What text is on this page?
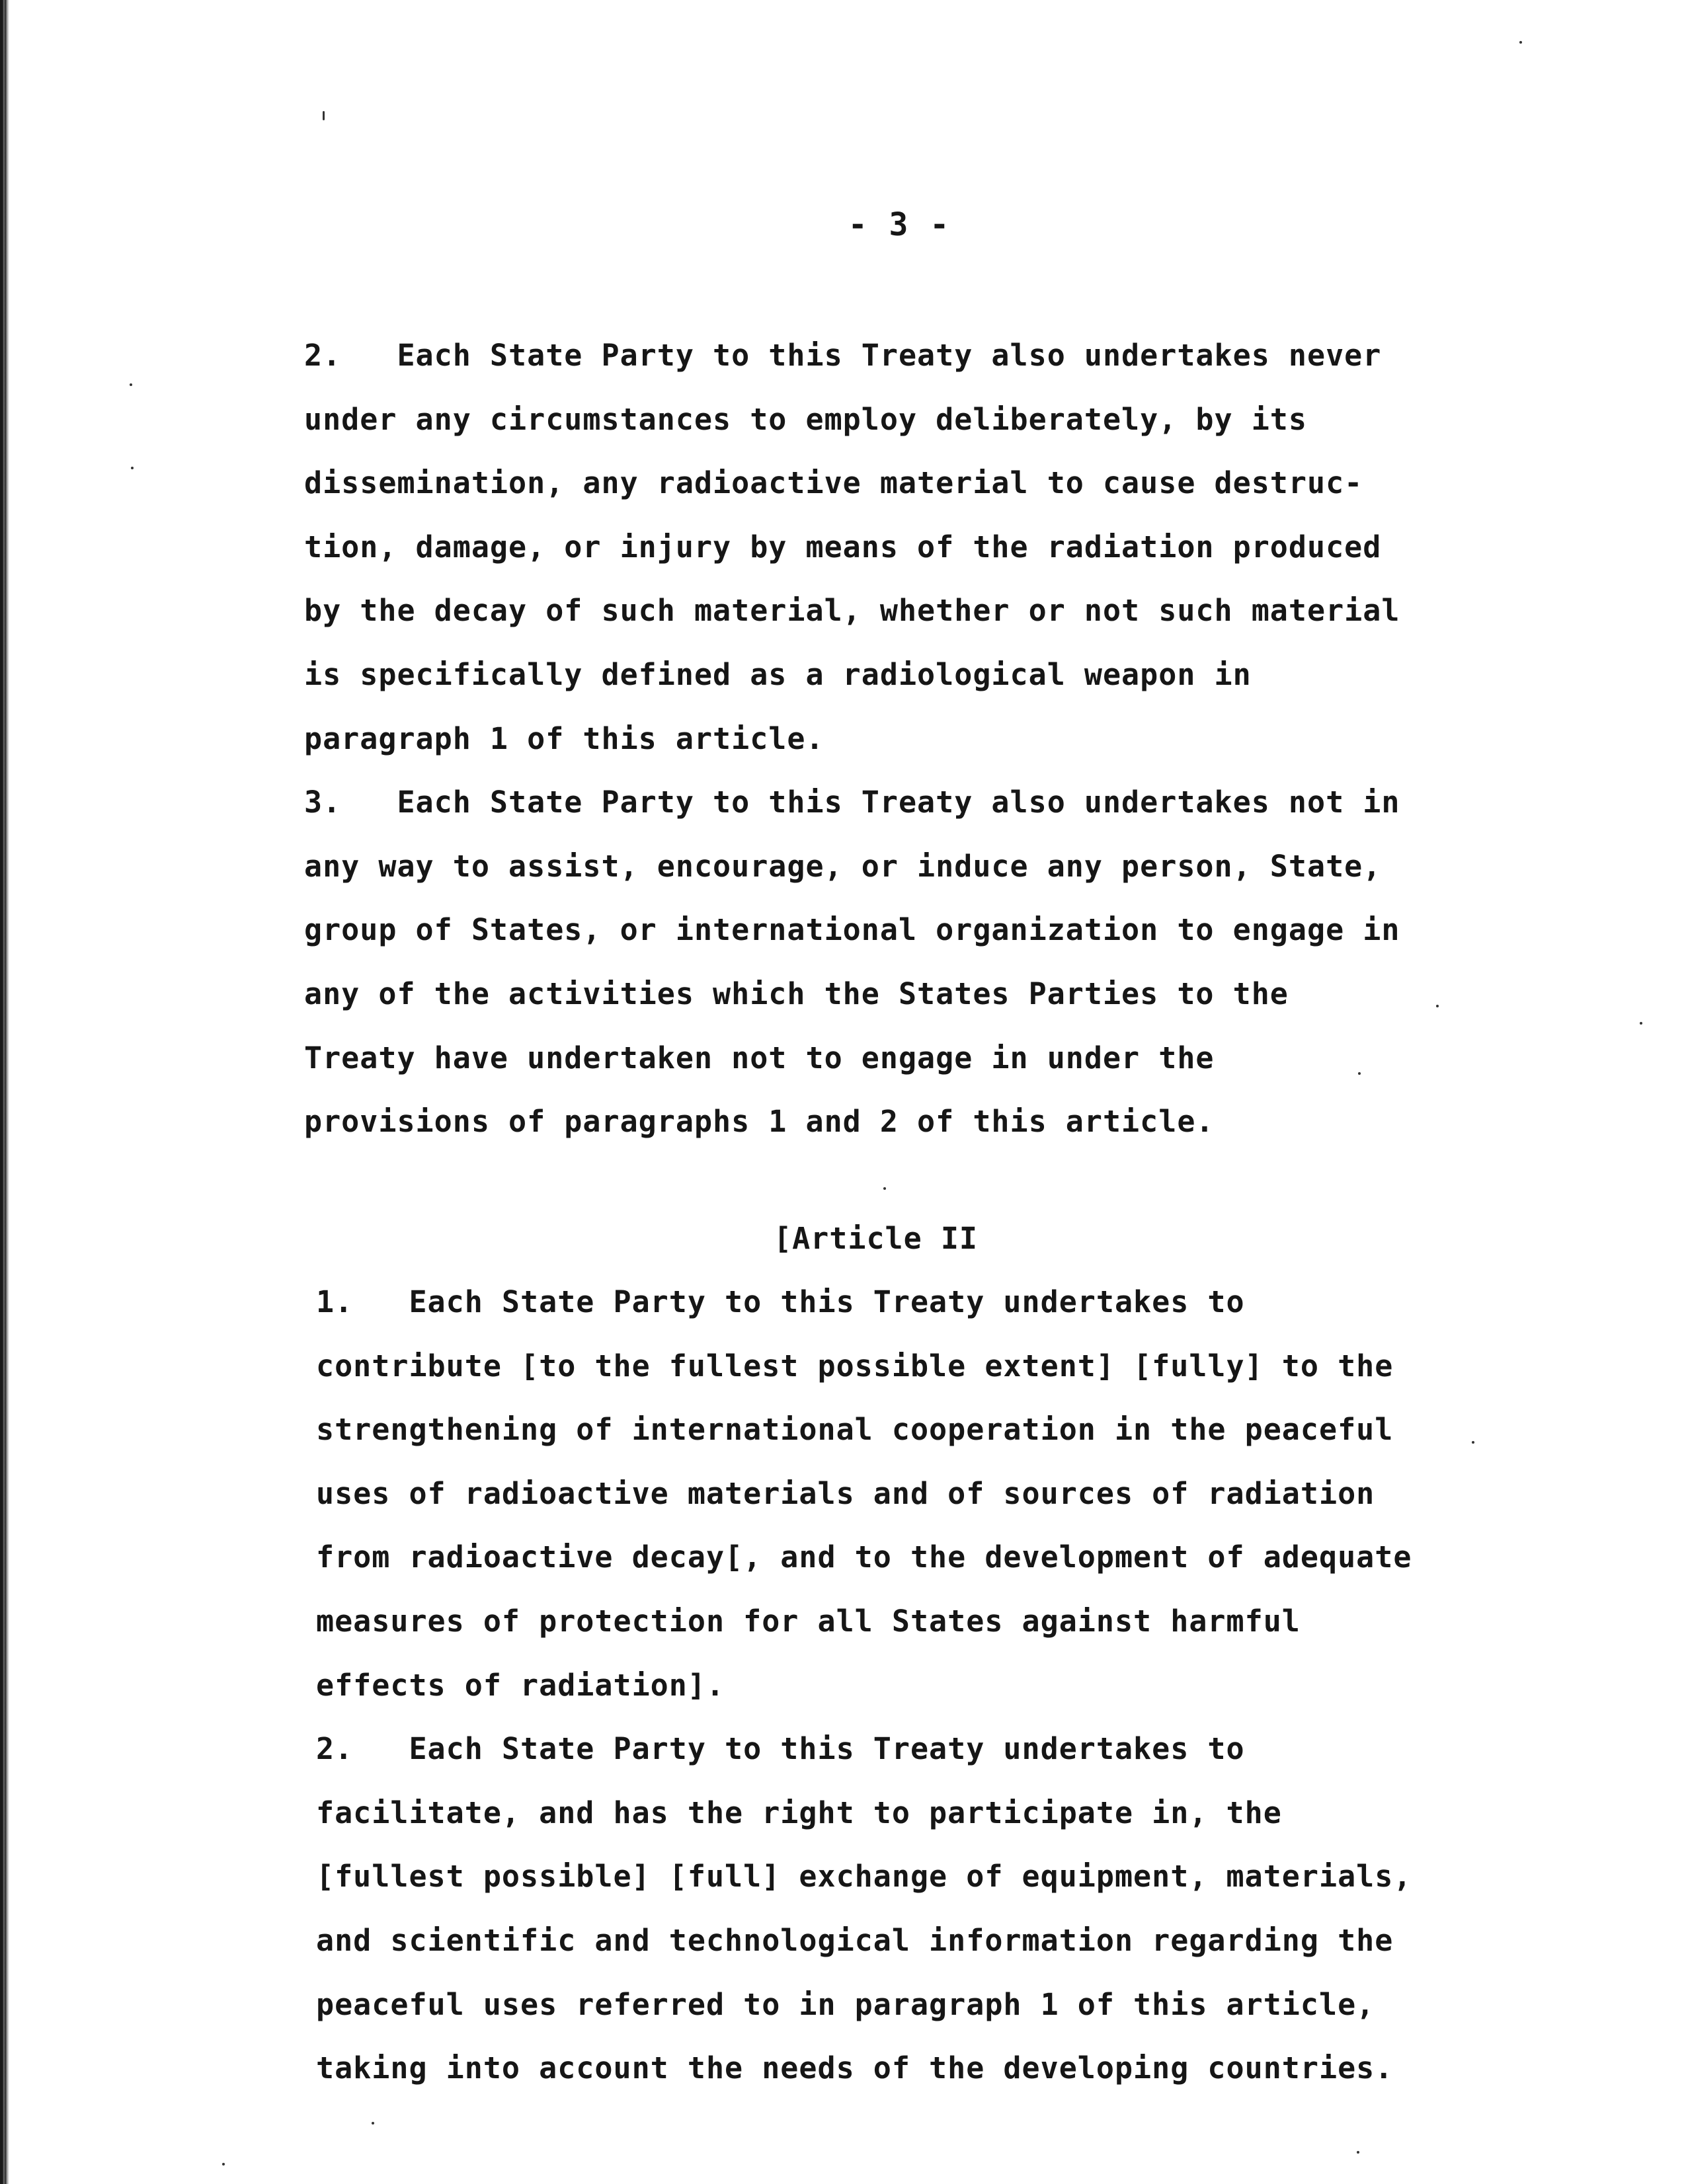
- 3 -
2.   Each State Party to this Treaty also undertakes never
under any circumstances to employ deliberately, by its
dissemination, any radioactive material to cause destruc-
tion, damage, or injury by means of the radiation produced
by the decay of such material, whether or not such material
is specifically defined as a radiological weapon in
paragraph 1 of this article.
3.   Each State Party to this Treaty also undertakes not in
any way to assist, encourage, or induce any person, State,
group of States, or international organization to engage in
any of the activities which the States Parties to the
Treaty have undertaken not to engage in under the
provisions of paragraphs 1 and 2 of this article.
[Article II
1.   Each State Party to this Treaty undertakes to
contribute [to the fullest possible extent] [fully] to the
strengthening of international cooperation in the peaceful
uses of radioactive materials and of sources of radiation
from radioactive decay[, and to the development of adequate
measures of protection for all States against harmful
effects of radiation].
2.   Each State Party to this Treaty undertakes to
facilitate, and has the right to participate in, the
[fullest possible] [full] exchange of equipment, materials,
and scientific and technological information regarding the
peaceful uses referred to in paragraph 1 of this article,
taking into account the needs of the developing countries.
